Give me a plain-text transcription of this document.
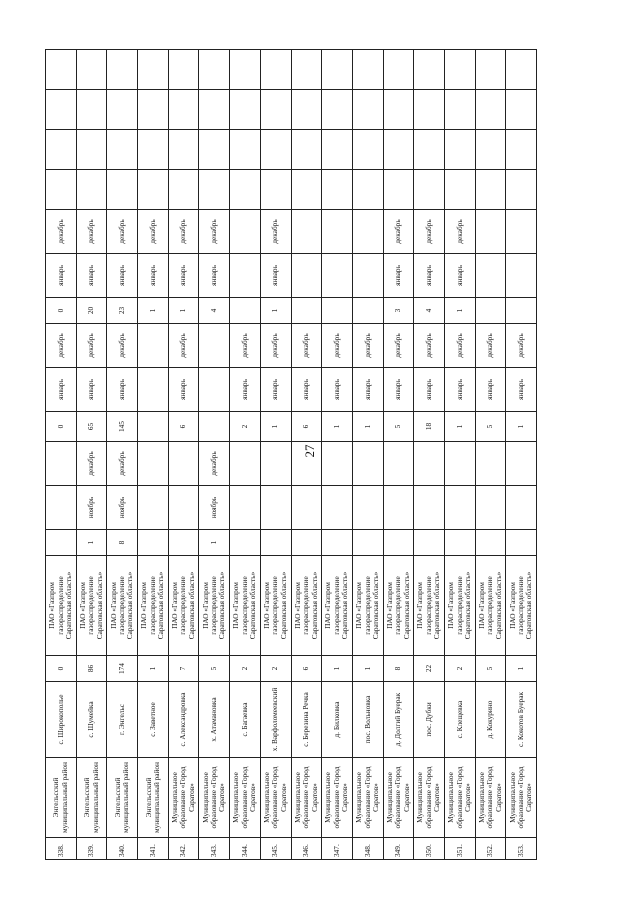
27
338.	Энгельсский муниципальный район	с. Широкополье	0	ПАО «Газпром газораспределение Саратовская область»				0	январь	декабрь	0	январь	декабрь				
339.	Энгельсский муниципальный район	с. Шумейка	86	ПАО «Газпром газораспределение Саратовская область»	1	ноябрь	декабрь	65	январь	декабрь	20	январь	декабрь				
340.	Энгельсский муниципальный район	г. Энгельс	174	ПАО «Газпром газораспределение Саратовская область»	8	ноябрь	декабрь	145	январь	декабрь	23	январь	декабрь				
341.	Энгельсский муниципальный район	с. Заветное	1	ПАО «Газпром газораспределение Саратовская область»							1	январь	декабрь				
342.	Муниципальное образование «Город Саратов»	с. Александровка	7	ПАО «Газпром газораспределение Саратовская область»				6	январь	декабрь	1	январь	декабрь				
343.	Муниципальное образование «Город Саратов»	х. Атамановка	5	ПАО «Газпром газораспределение Саратовская область»	1	ноябрь	декабрь				4	январь	декабрь				
344.	Муниципальное образование «Город Саратов»	с. Багаевка	2	ПАО «Газпром газораспределение Саратовская область»				2	январь	декабрь							
345.	Муниципальное образование «Город Саратов»	х. Варфоломеевский	2	ПАО «Газпром газораспределение Саратовская область»				1	январь	декабрь	1	январь	декабрь				
346.	Муниципальное образование «Город Саратов»	с. Березина Речка	6	ПАО «Газпром газораспределение Саратовская область»				6	январь	декабрь							
347.	Муниципальное образование «Город Саратов»	д. Билковка	1	ПАО «Газпром газораспределение Саратовская область»				1	январь	декабрь							
348.	Муниципальное образование «Город Саратов»	пос. Вольновка	1	ПАО «Газпром газораспределение Саратовская область»				1	январь	декабрь							
349.	Муниципальное образование «Город Саратов»	д. Долгий Буерак	8	ПАО «Газпром газораспределение Саратовская область»				5	январь	декабрь	3	январь	декабрь				
350.	Муниципальное образование «Город Саратов»	пос. Дубки	22	ПАО «Газпром газораспределение Саратовская область»				18	январь	декабрь	4	январь	декабрь				
351.	Муниципальное образование «Город Саратов»	с. Клещевка	2	ПАО «Газпром газораспределение Саратовская область»				1	январь	декабрь	1	январь	декабрь				
352.	Муниципальное образование «Город Саратов»	д. Кокурино	5	ПАО «Газпром газораспределение Саратовская область»				5	январь	декабрь							
353.	Муниципальное образование «Город Саратов»	с. Кокотов Буерак	1	ПАО «Газпром газораспределение Саратовская область»				1	январь	декабрь							
